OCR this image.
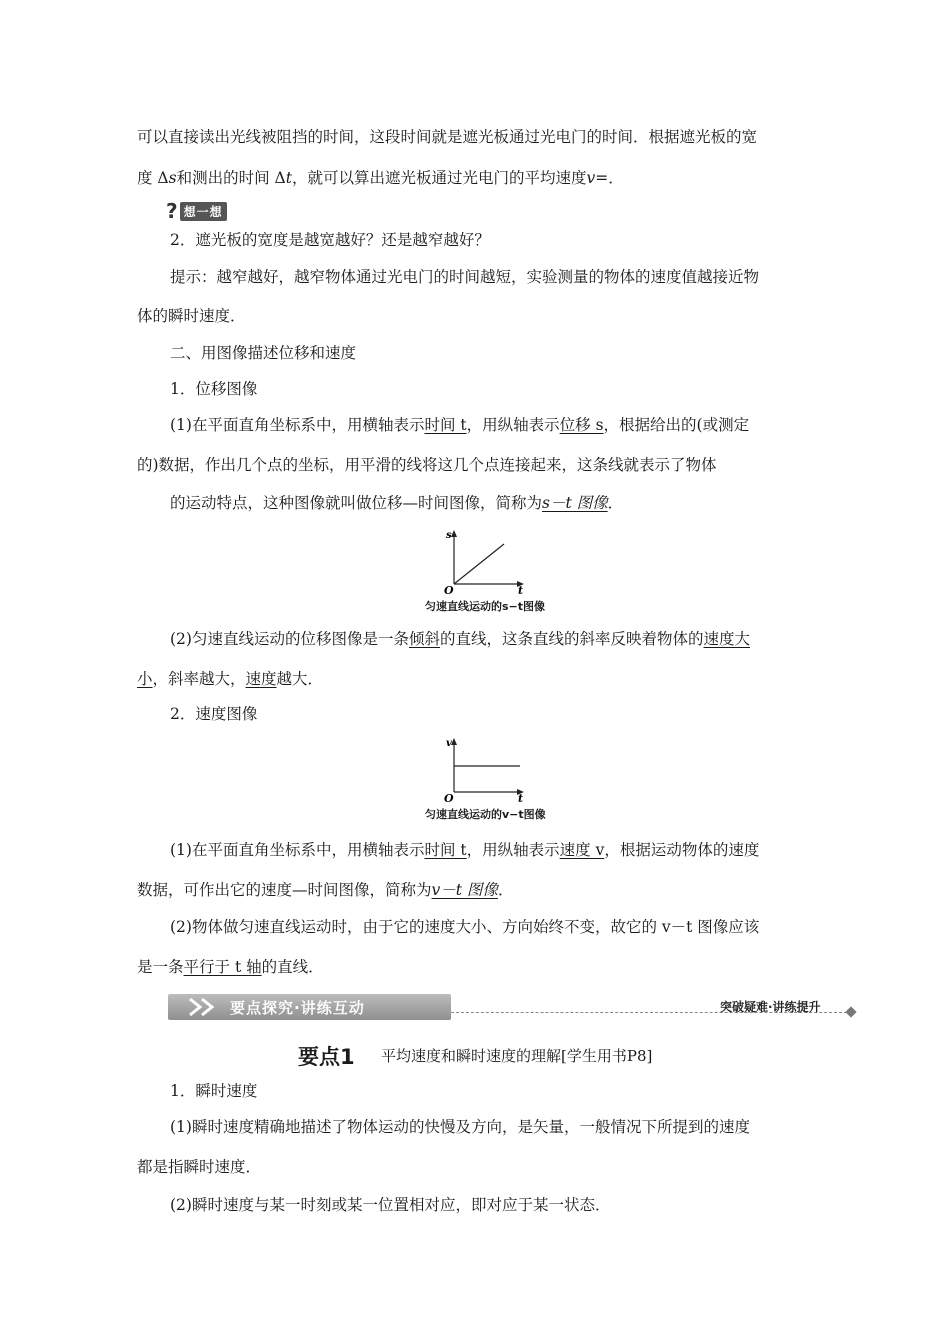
可以直接读出光线被阻挡的时间，这段时间就是遮光板通过光电门的时间．根据遮光板的宽
度 Δs和测出的时间 Δt，就可以算出遮光板通过光电门的平均速度v=．
? 想一想
2．遮光板的宽度是越宽越好？还是越窄越好？
提示：越窄越好，越窄物体通过光电门的时间越短，实验测量的物体的速度值越接近物
体的瞬时速度．
二、用图像描述位移和速度
1．位移图像
(1)在平面直角坐标系中，用横轴表示时间 t，用纵轴表示位移 s，根据给出的(或测定
的)数据，作出几个点的坐标，用平滑的线将这几个点连接起来，这条线就表示了物体
的运动特点，这种图像就叫做位移—时间图像，简称为s－t 图像．
s
t
O
匀速直线运动的s−t图像
(2)匀速直线运动的位移图像是一条倾斜的直线，这条直线的斜率反映着物体的速度大
小，斜率越大，速度越大．
2．速度图像
v
t
O
匀速直线运动的v−t图像
(1)在平面直角坐标系中，用横轴表示时间 t，用纵轴表示速度 v，根据运动物体的速度
数据，可作出它的速度—时间图像，简称为v－t 图像．
(2)物体做匀速直线运动时，由于它的速度大小、方向始终不变，故它的 v－t 图像应该
是一条平行于 t 轴的直线．
要点探究·讲练互动	突破疑难·讲练提升
要点1 平均速度和瞬时速度的理解[学生用书P8]
1．瞬时速度
(1)瞬时速度精确地描述了物体运动的快慢及方向，是矢量，一般情况下所提到的速度
都是指瞬时速度．
(2)瞬时速度与某一时刻或某一位置相对应，即对应于某一状态．
